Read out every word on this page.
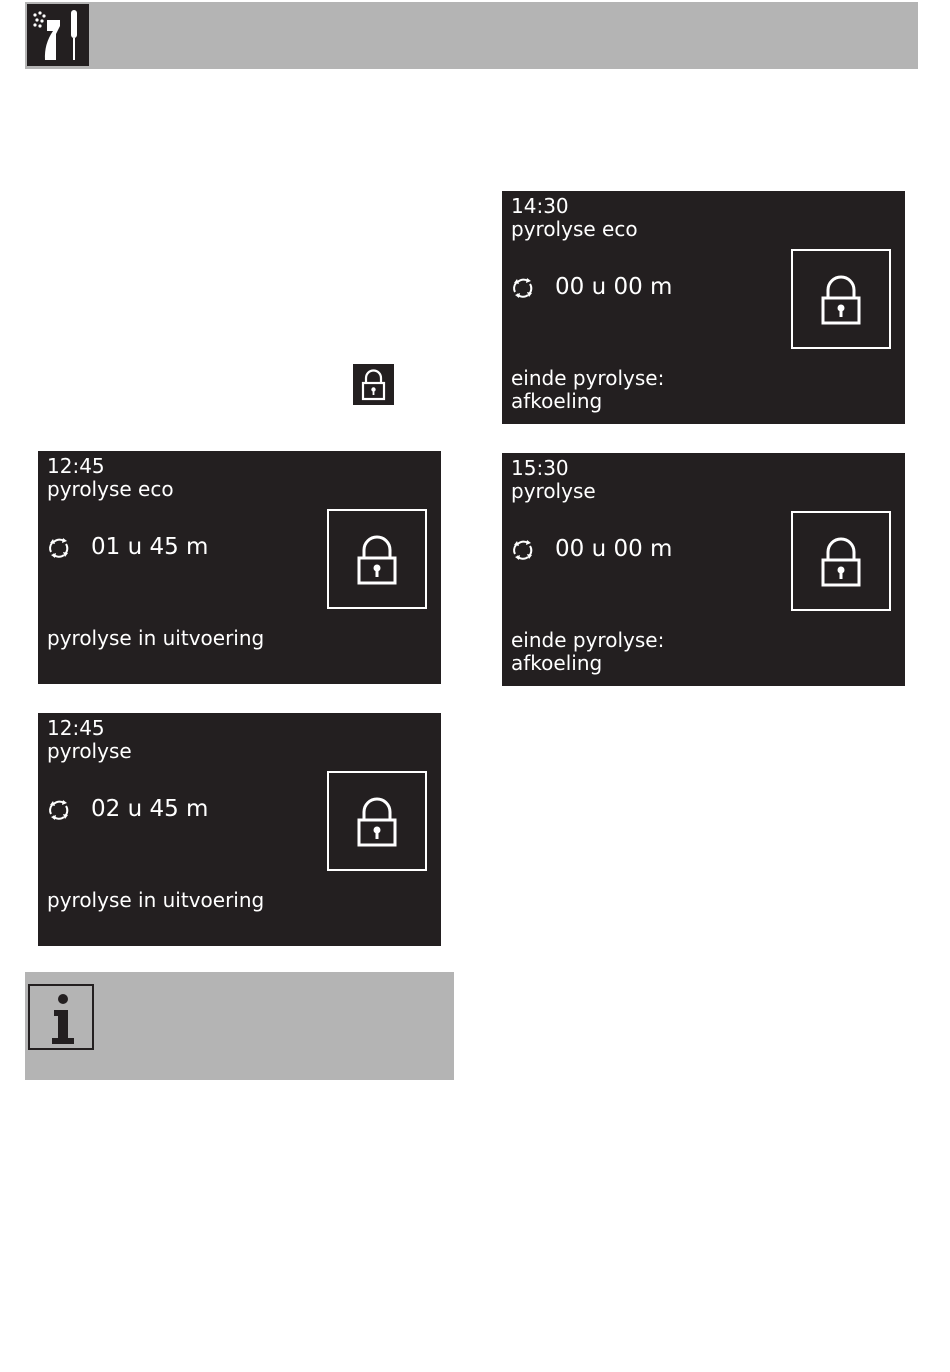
12:45
pyrolyse eco
01 u 45 m
pyrolyse in uitvoering
12:45
pyrolyse
02 u 45 m
pyrolyse in uitvoering
14:30
pyrolyse eco
00 u 00 m
einde pyrolyse:
afkoeling
15:30
pyrolyse
00 u 00 m
einde pyrolyse:
afkoeling
